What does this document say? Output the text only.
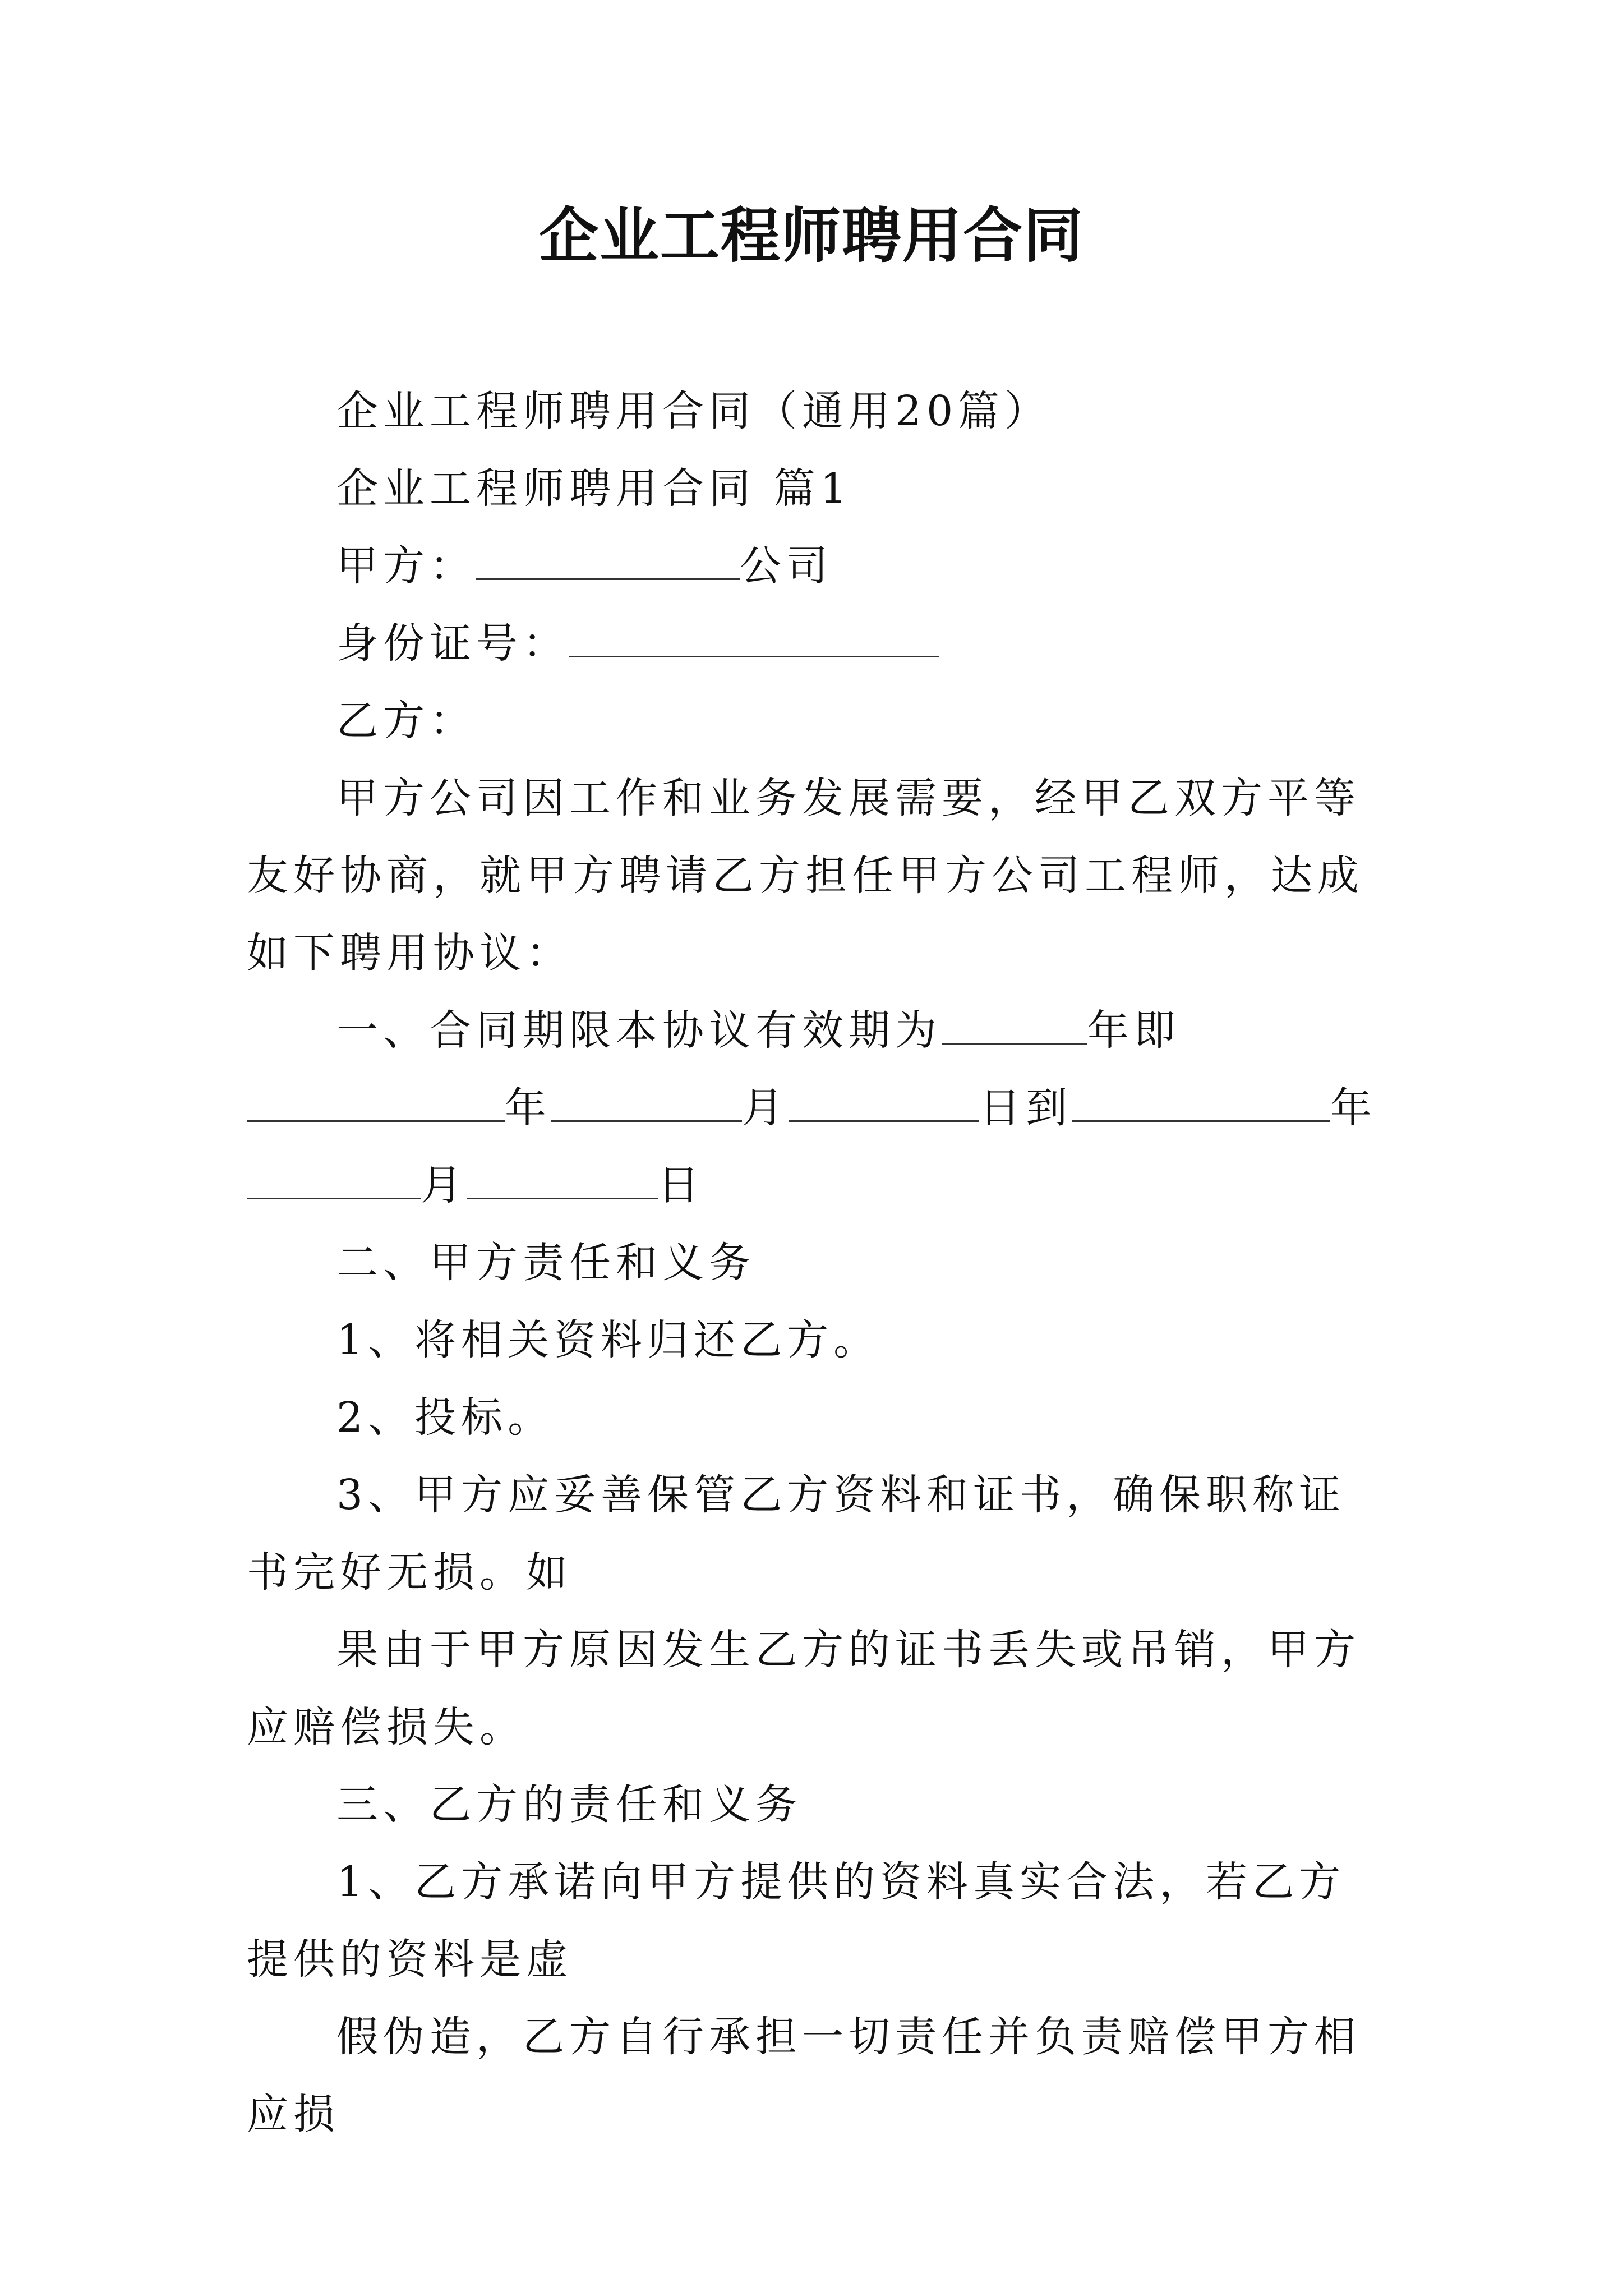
企业工程师聘用合同

企业工程师聘用合同（通用20篇）

企业工程师聘用合同 篇1

甲方：	公司

身份证号：

乙方：

甲方公司因工作和业务发展需要，经甲乙双方平等友好协商，就甲方聘请乙方担任甲方公司工程师，达成如下聘用协议：

一、合同期限本协议有效期为	年即年	月	日到	年月	日

二、甲方责任和义务

1、将相关资料归还乙方。

2、投标。

3、甲方应妥善保管乙方资料和证书，确保职称证书完好无损。如

果由于甲方原因发生乙方的证书丢失或吊销，甲方应赔偿损失。

三、乙方的责任和义务

1、乙方承诺向甲方提供的资料真实合法，若乙方提供的资料是虚

假伪造，乙方自行承担一切责任并负责赔偿甲方相应损
